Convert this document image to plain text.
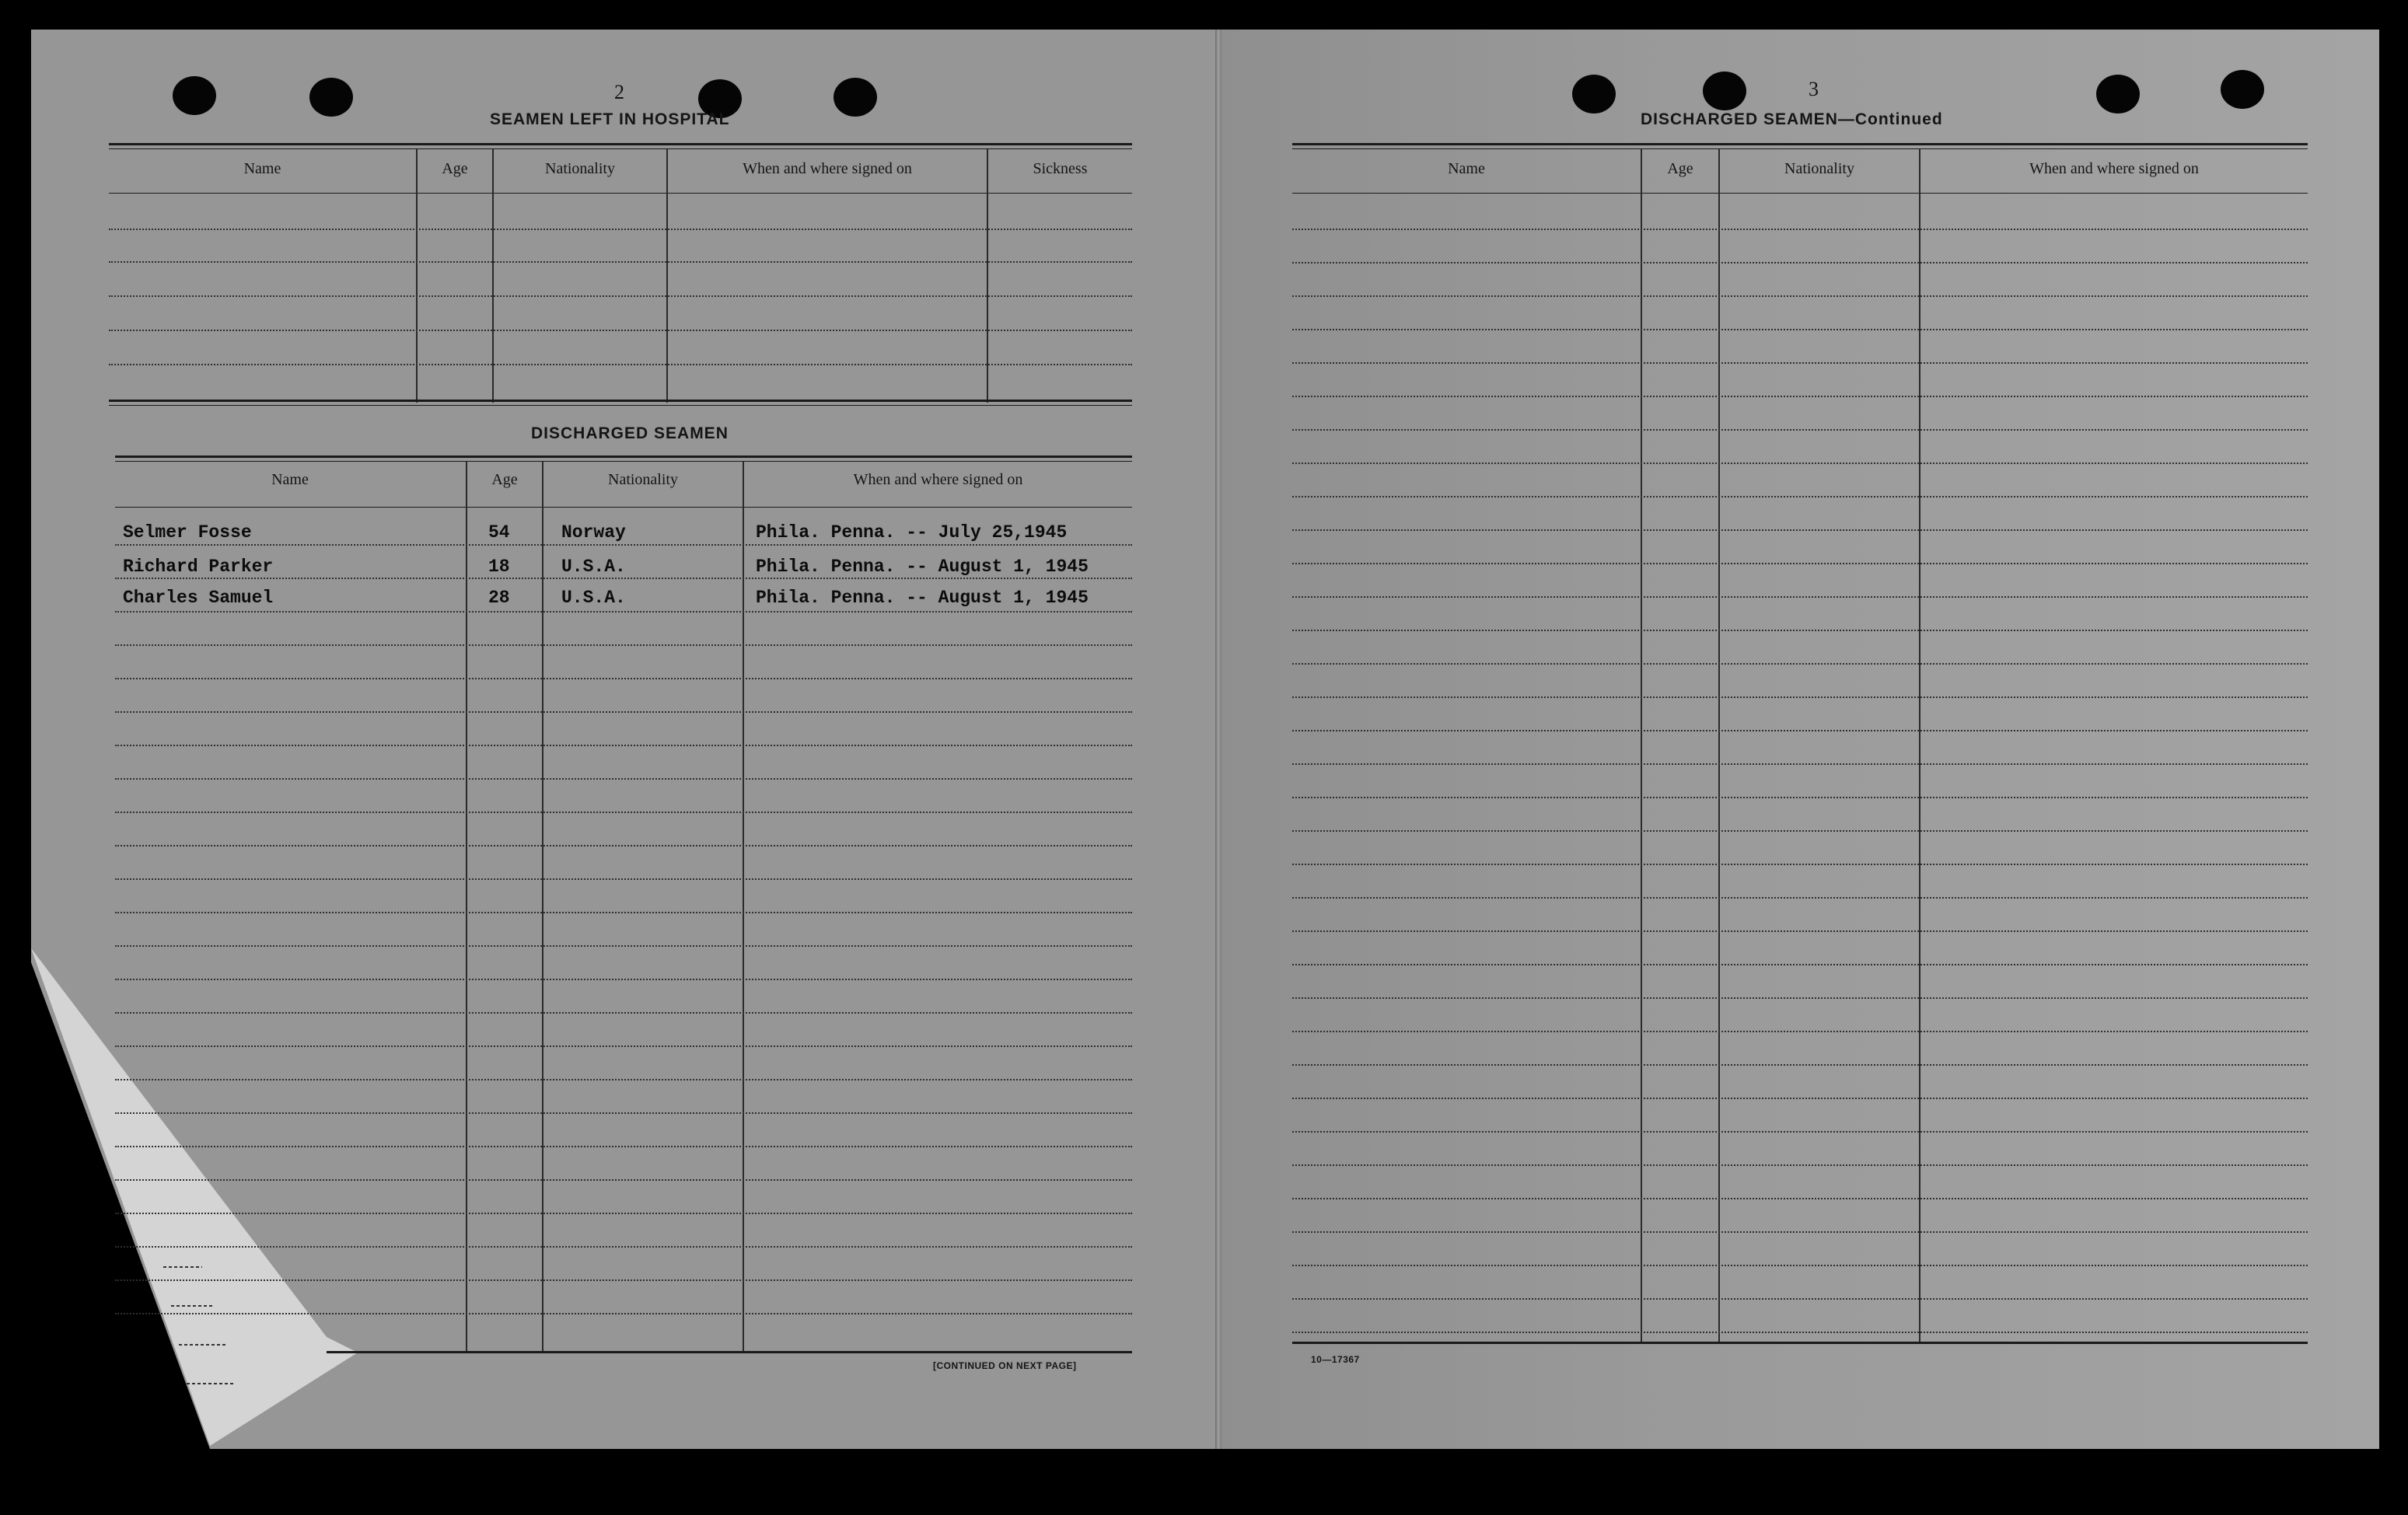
2
SEAMEN LEFT IN HOSPITAL
Name	Age	Nationality	When and where signed on	Sickness
DISCHARGED SEAMEN
Name	Age	Nationality	When and where signed on
Selmer Fosse	54	Norway	Phila. Penna. -- July 25,1945
Richard Parker	18	U.S.A.	Phila. Penna. -- August 1, 1945
Charles Samuel	28	U.S.A.	Phila. Penna. -- August 1, 1945
[CONTINUED ON NEXT PAGE]
3
DISCHARGED SEAMEN—Continued
Name	Age	Nationality	When and where signed on
10—17367
